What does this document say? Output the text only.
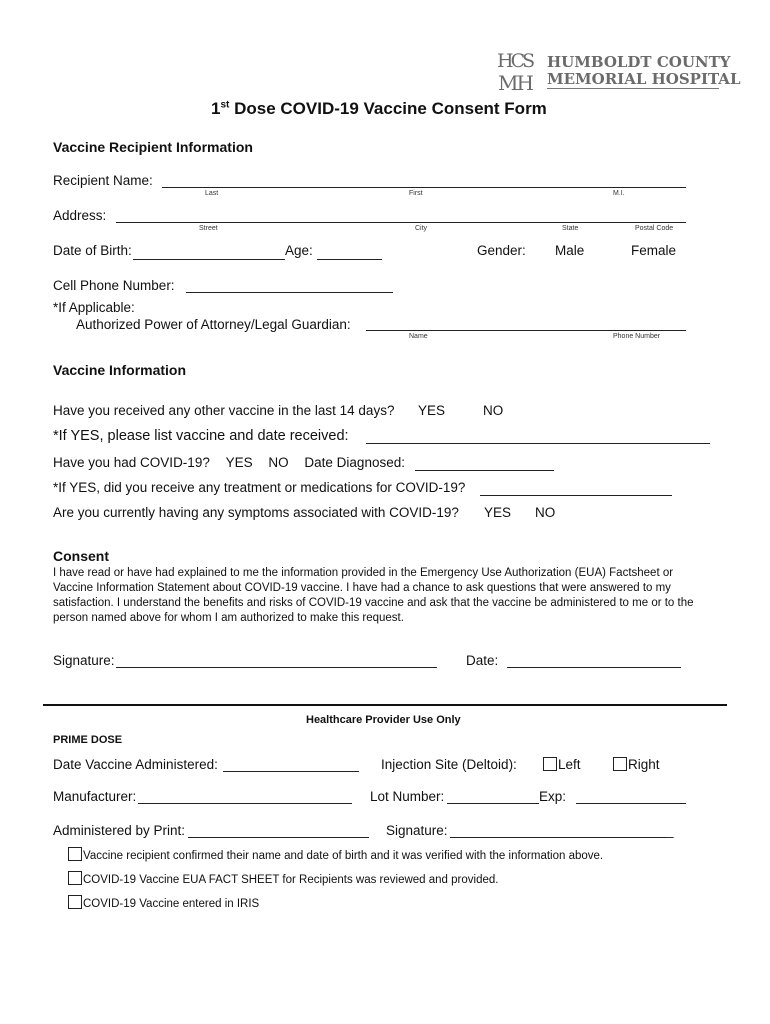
HCS
MH
HUMBOLDT COUNTY
MEMORIAL HOSPITAL
1st Dose COVID-19 Vaccine Consent Form
Vaccine Recipient Information
Recipient Name:
Last	First	M.I.
Address:
Street	City	State	Postal Code
Date of Birth:	Age:	Gender: Male	Female
Cell Phone Number:
*If Applicable:
Authorized Power of Attorney/Legal Guardian:
Name	Phone Number
Vaccine Information
Have you received any other vaccine in the last 14 days? YES	NO
*If YES, please list vaccine and date received:
Have you had COVID-19? YES NO Date Diagnosed:
*If YES, did you receive any treatment or medications for COVID-19?
Are you currently having any symptoms associated with COVID-19? YES NO
Consent
I have read or have had explained to me the information provided in the Emergency Use Authorization (EUA) Factsheet or Vaccine Information Statement about COVID-19 vaccine. I have had a chance to ask questions that were answered to my satisfaction. I understand the benefits and risks of COVID-19 vaccine and ask that the vaccine be administered to me or to the person named above for whom I am authorized to make this request.
Signature:	Date:
Healthcare Provider Use Only
PRIME DOSE
Date Vaccine Administered:	Injection Site (Deltoid):	Left	Right
Manufacturer:	Lot Number:	Exp:
Administered by Print:	Signature:	_
Vaccine recipient confirmed their name and date of birth and it was verified with the information above.
COVID-19 Vaccine EUA FACT SHEET for Recipients was reviewed and provided.
COVID-19 Vaccine entered in IRIS
